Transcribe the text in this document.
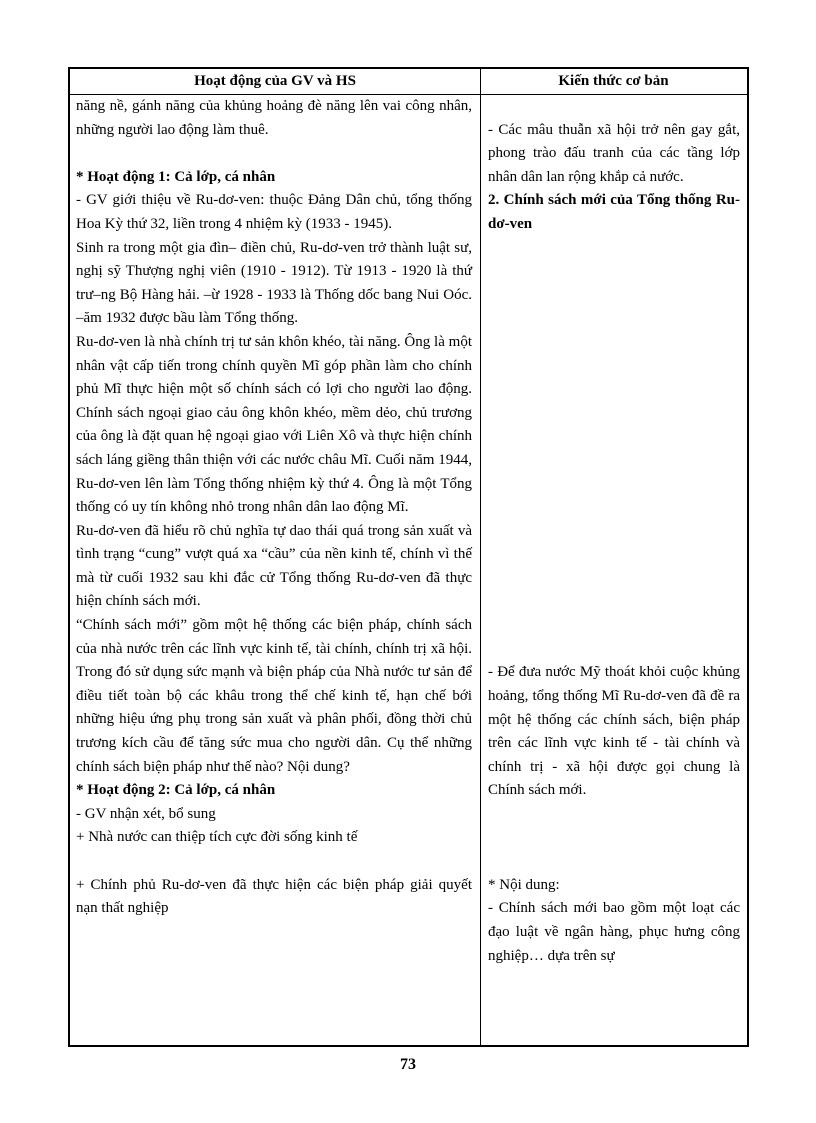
Hoạt động của GV và HS	Kiến thức cơ bản

năng nề, gánh năng của khủng hoảng đè năng lên vai công nhân, những người lao động làm thuê.

* Hoạt động 1: Cả lớp, cá nhân

- GV giới thiệu về Ru-dơ-ven: thuộc Đảng Dân chủ, tổng thống Hoa Kỳ thứ 32, liền trong 4 nhiệm kỳ (1933 - 1945).

Sinh ra trong một gia đìn– điền chủ, Ru-dơ-ven trở thành luật sư, nghị sỹ Thượng nghị viên (1910 - 1912). Từ 1913 - 1920 là thứ trư–ng Bộ Hàng hải. –ừ 1928 - 1933 là Thống dốc bang Nui Oóc. –ăm 1932 được bầu làm Tổng thống.

Ru-dơ-ven là nhà chính trị tư sản khôn khéo, tài năng. Ông là một nhân vật cấp tiến trong chính quyền Mĩ góp phần làm cho chính phủ Mĩ thực hiện một số chính sách có lợi cho người lao động. Chính sách ngoại giao cảu ông khôn khéo, mềm dẻo, chủ trương của ông là đặt quan hệ ngoại giao với Liên Xô và thực hiện chính sách láng giềng thân thiện với các nước châu Mĩ. Cuối năm 1944, Ru-dơ-ven lên làm Tổng thống nhiệm kỳ thứ 4. Ông là một Tổng thống có uy tín không nhỏ trong nhân dân lao động Mĩ.

Ru-dơ-ven đã hiểu rõ chủ nghĩa tự dao thái quá trong sản xuất và tình trạng “cung” vượt quá xa “cầu” của nền kinh tế, chính vì thế mà từ cuối 1932 sau khi đắc cử Tổng thống Ru-dơ-ven đã thực hiện chính sách mới.

“Chính sách mới” gồm một hệ thống các biện pháp, chính sách của nhà nước trên các lĩnh vực kinh tế, tài chính, chính trị xã hội. Trong đó sử dụng sức mạnh và biện pháp của Nhà nước tư sản để điều tiết toàn bộ các khâu trong thể chế kinh tế, hạn chế bới những hiệu ứng phụ trong sản xuất và phân phối, đồng thời chủ trương kích cầu để tăng sức mua cho người dân. Cụ thể những chính sách biện pháp như thế nào? Nội dung?

* Hoạt động 2: Cả lớp, cá nhân

- GV nhận xét, bổ sung

+ Nhà nước can thiệp tích cực đời sống kinh tế

+ Chính phủ Ru-dơ-ven đã thực hiện các biện pháp giải quyết nạn thất nghiệp

- Các mâu thuẫn xã hội trở nên gay gắt, phong trào đấu tranh của các tầng lớp nhân dân lan rộng khắp cả nước.

2. Chính sách mới của Tổng thống Ru-dơ-ven

- Để đưa nước Mỹ thoát khỏi cuộc khủng hoảng, tổng thống Mĩ Ru-dơ-ven đã đề ra một hệ thống các chính sách, biện pháp trên các lĩnh vực kinh tế - tài chính và chính trị - xã hội được gọi chung là Chính sách mới.

* Nội dung:

- Chính sách mới bao gồm một loạt các đạo luật về ngân hàng, phục hưng công nghiệp… dựa trên sự

73
